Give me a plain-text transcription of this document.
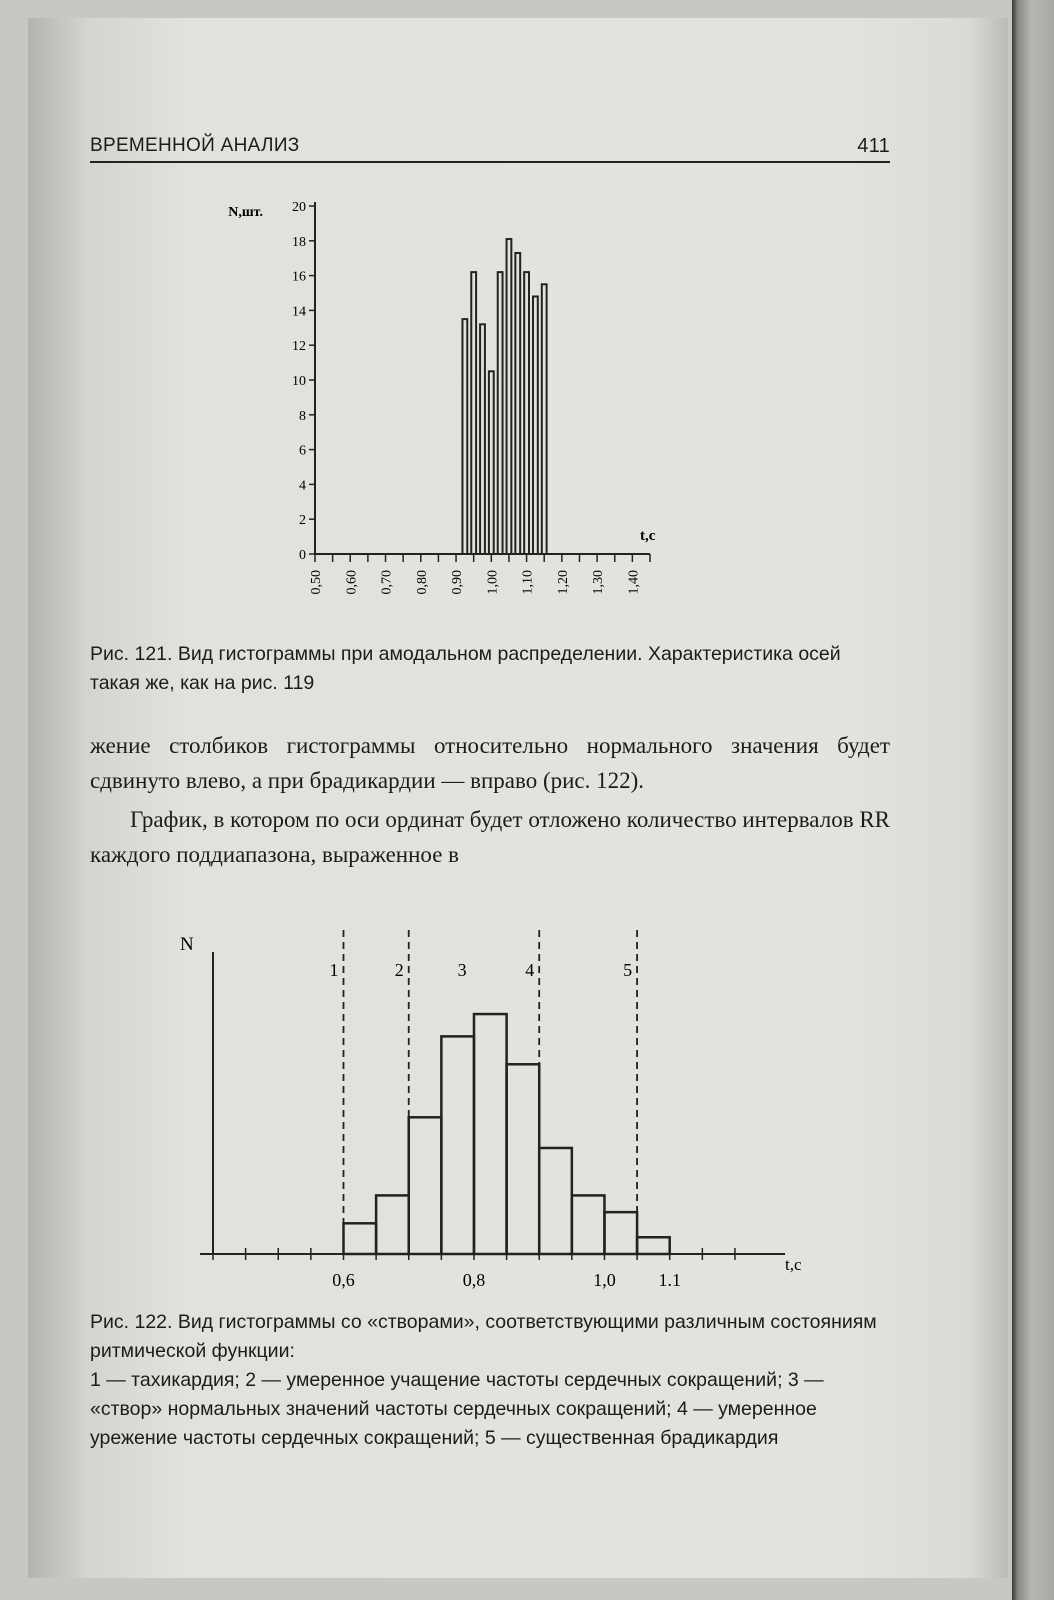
ВРЕМЕННОЙ АНАЛИЗ	411
0
2
4
6
8
10
12
14
16
18
20
0,50 0,60 0,70 0,80 0,90 1,00 1,10 1,20 1,30 1,40
N,шт.
t,c
Рис. 121. Вид гистограммы при амодальном распределении. Характеристика осей такая же, как на рис. 119

жение столбиков гистограммы относительно нормального значения будет сдвинуто влево, а при брадикардии — вправо (рис. 122).

График, в котором по оси ординат будет отложено количество интервалов RR каждого поддиапазона, выраженное в

0,6	0,8	1,0 1.1
N
t,c
1	2	3	4	5
Рис. 122. Вид гистограммы со «створами», соответствующими различным состояниям ритмической функции:
1 — тахикардия; 2 — умеренное учащение частоты сердечных сокращений; 3 — «створ» нормальных значений частоты сердечных сокращений; 4 — умеренное урежение частоты сердечных сокращений; 5 — существенная брадикардия
